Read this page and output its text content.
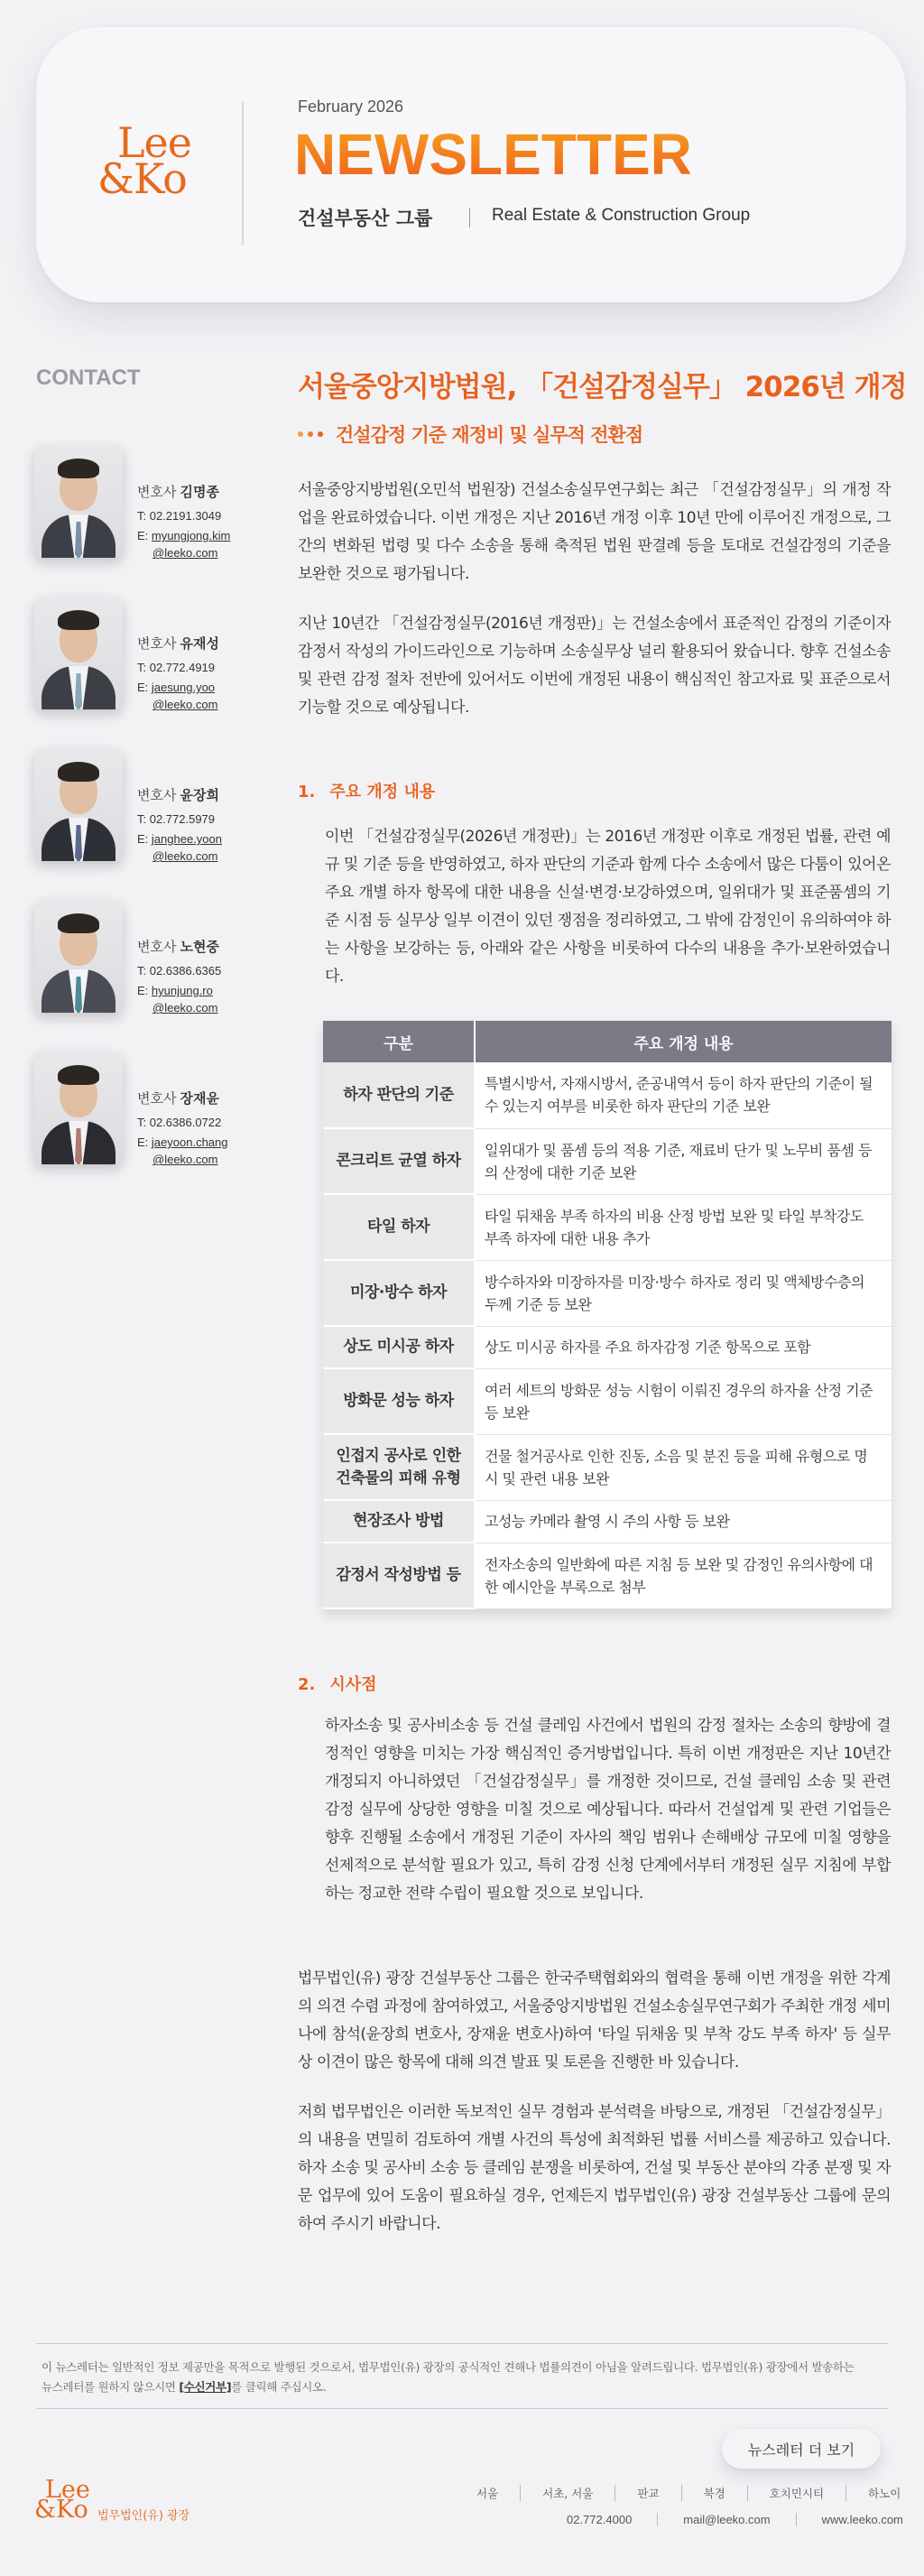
Lee
&Ko
February 2026
NEWSLETTER
건설부동산 그룹	Real Estate & Construction Group
CONTACT
변호사 김명종
T: 02.2191.3049
E: myungjong.kim
@leeko.com
변호사 유재성
T: 02.772.4919
E: jaesung.yoo
@leeko.com
변호사 윤장희
T: 02.772.5979
E: janghee.yoon
@leeko.com
변호사 노현중
T: 02.6386.6365
E: hyunjung.ro
@leeko.com
변호사 장재윤
T: 02.6386.0722
E: jaeyoon.chang
@leeko.com
서울중앙지방법원, 「건설감정실무」 2026년 개정
건설감정 기준 재정비 및 실무적 전환점
서울중앙지방법원(오민석 법원장) 건설소송실무연구회는 최근 「건설감정실무」의 개정 작업을 완료하였습니다. 이번 개정은 지난 2016년 개정 이후 10년 만에 이루어진 개정으로, 그간의 변화된 법령 및 다수 소송을 통해 축적된 법원 판결례 등을 토대로 건설감정의 기준을 보완한 것으로 평가됩니다.
지난 10년간 「건설감정실무(2016년 개정판)」는 건설소송에서 표준적인 감정의 기준이자 감정서 작성의 가이드라인으로 기능하며 소송실무상 널리 활용되어 왔습니다. 향후 건설소송 및 관련 감정 절차 전반에 있어서도 이번에 개정된 내용이 핵심적인 참고자료 및 표준으로서 기능할 것으로 예상됩니다.
1. 주요 개정 내용
이번 「건설감정실무(2026년 개정판)」는 2016년 개정판 이후로 개정된 법률, 관련 예규 및 기준 등을 반영하였고, 하자 판단의 기준과 함께 다수 소송에서 많은 다툼이 있어온 주요 개별 하자 항목에 대한 내용을 신설·변경·보강하였으며, 일위대가 및 표준품셈의 기준 시점 등 실무상 일부 이견이 있던 쟁점을 정리하였고, 그 밖에 감정인이 유의하여야 하는 사항을 보강하는 등, 아래와 같은 사항을 비롯하여 다수의 내용을 추가·보완하였습니다.
구분	주요 개정 내용
하자 판단의 기준	특별시방서, 자재시방서, 준공내역서 등이 하자 판단의 기준이 될 수 있는지 여부를 비롯한 하자 판단의 기준 보완
콘크리트 균열 하자	일위대가 및 품셈 등의 적용 기준, 재료비 단가 및 노무비 품셈 등의 산정에 대한 기준 보완
타일 하자	타일 뒤채움 부족 하자의 비용 산정 방법 보완 및 타일 부착강도 부족 하자에 대한 내용 추가
미장·방수 하자	방수하자와 미장하자를 미장·방수 하자로 정리 및 액체방수층의 두께 기준 등 보완
상도 미시공 하자	상도 미시공 하자를 주요 하자감정 기준 항목으로 포함
방화문 성능 하자	여러 세트의 방화문 성능 시험이 이뤄진 경우의 하자율 산정 기준 등 보완
인접지 공사로 인한 건축물의 피해 유형	건물 철거공사로 인한 진동, 소음 및 분진 등을 피해 유형으로 명시 및 관련 내용 보완
현장조사 방법	고성능 카메라 촬영 시 주의 사항 등 보완
감정서 작성방법 등	전자소송의 일반화에 따른 지침 등 보완 및 감정인 유의사항에 대한 예시안을 부록으로 첨부
2. 시사점
하자소송 및 공사비소송 등 건설 클레임 사건에서 법원의 감정 절차는 소송의 향방에 결정적인 영향을 미치는 가장 핵심적인 증거방법입니다. 특히 이번 개정판은 지난 10년간 개정되지 아니하였던 「건설감정실무」를 개정한 것이므로, 건설 클레임 소송 및 관련 감정 실무에 상당한 영향을 미칠 것으로 예상됩니다. 따라서 건설업계 및 관련 기업들은 향후 진행될 소송에서 개정된 기준이 자사의 책임 범위나 손해배상 규모에 미칠 영향을 선제적으로 분석할 필요가 있고, 특히 감정 신청 단계에서부터 개정된 실무 지침에 부합하는 정교한 전략 수립이 필요할 것으로 보입니다.
법무법인(유) 광장 건설부동산 그룹은 한국주택협회와의 협력을 통해 이번 개정을 위한 각계의 의견 수렴 과정에 참여하였고, 서울중앙지방법원 건설소송실무연구회가 주최한 개정 세미나에 참석(윤장희 변호사, 장재윤 변호사)하여 '타일 뒤채움 및 부착 강도 부족 하자' 등 실무상 이견이 많은 항목에 대해 의견 발표 및 토론을 진행한 바 있습니다.
저희 법무법인은 이러한 독보적인 실무 경험과 분석력을 바탕으로, 개정된 「건설감정실무」의 내용을 면밀히 검토하여 개별 사건의 특성에 최적화된 법률 서비스를 제공하고 있습니다. 하자 소송 및 공사비 소송 등 클레임 분쟁을 비롯하여, 건설 및 부동산 분야의 각종 분쟁 및 자문 업무에 있어 도움이 필요하실 경우, 언제든지 법무법인(유) 광장 건설부동산 그룹에 문의하여 주시기 바랍니다.
이 뉴스레터는 일반적인 정보 제공만을 목적으로 발행된 것으로서, 법무법인(유) 광장의 공식적인 견해나 법률의견이 아님을 알려드립니다. 법무법인(유) 광장에서 발송하는
뉴스레터를 원하지 않으시면 [수신거부]를 클릭해 주십시오.
뉴스레터 더 보기
Lee
&Ko 법무법인(유) 광장
서울	서초, 서울	판교	북경	호치민시티	하노이
02.772.4000	mail@leeko.com	www.leeko.com
